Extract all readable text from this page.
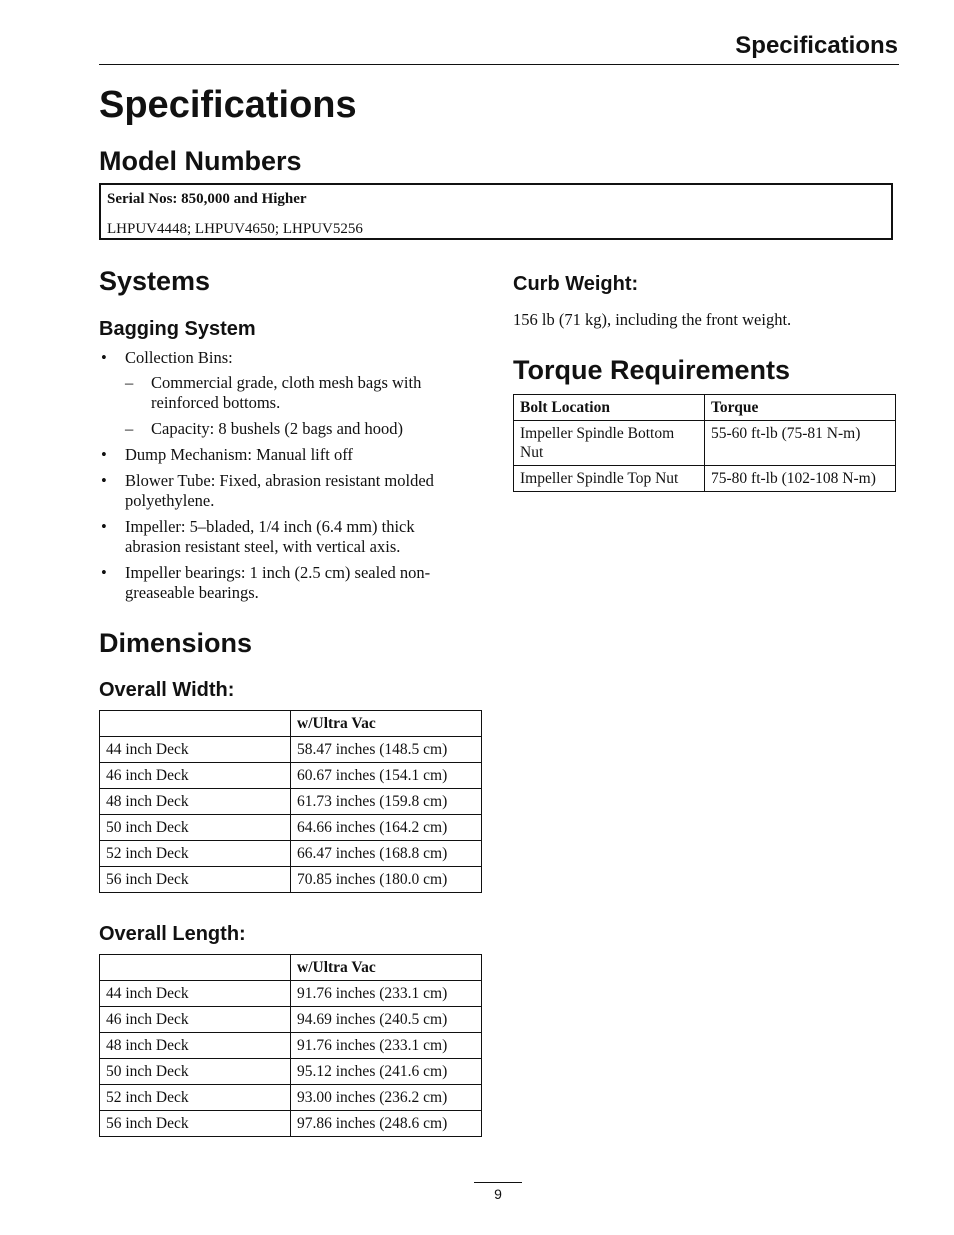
Specifications
Specifications
Model Numbers
Serial Nos: 850,000 and Higher
LHPUV4448; LHPUV4650; LHPUV5256
Systems
Bagging System
• Collection Bins:
– Commercial grade, cloth mesh bags with reinforced bottoms.
– Capacity: 8 bushels (2 bags and hood)
• Dump Mechanism: Manual lift off
• Blower Tube: Fixed, abrasion resistant molded polyethylene.
• Impeller: 5–bladed, 1/4 inch (6.4 mm) thick abrasion resistant steel, with vertical axis.
• Impeller bearings: 1 inch (2.5 cm) sealed non-greaseable bearings.
Dimensions
Overall Width:
	w/Ultra Vac
44 inch Deck	58.47 inches (148.5 cm)
46 inch Deck	60.67 inches (154.1 cm)
48 inch Deck	61.73 inches (159.8 cm)
50 inch Deck	64.66 inches (164.2 cm)
52 inch Deck	66.47 inches (168.8 cm)
56 inch Deck	70.85 inches (180.0 cm)
Overall Length:
	w/Ultra Vac
44 inch Deck	91.76 inches (233.1 cm)
46 inch Deck	94.69 inches (240.5 cm)
48 inch Deck	91.76 inches (233.1 cm)
50 inch Deck	95.12 inches (241.6 cm)
52 inch Deck	93.00 inches (236.2 cm)
56 inch Deck	97.86 inches (248.6 cm)
Curb Weight:
156 lb (71 kg), including the front weight.
Torque Requirements
Bolt Location	Torque
Impeller Spindle Bottom Nut	55-60 ft-lb (75-81 N-m)
Impeller Spindle Top Nut	75-80 ft-lb (102-108 N-m)
9
